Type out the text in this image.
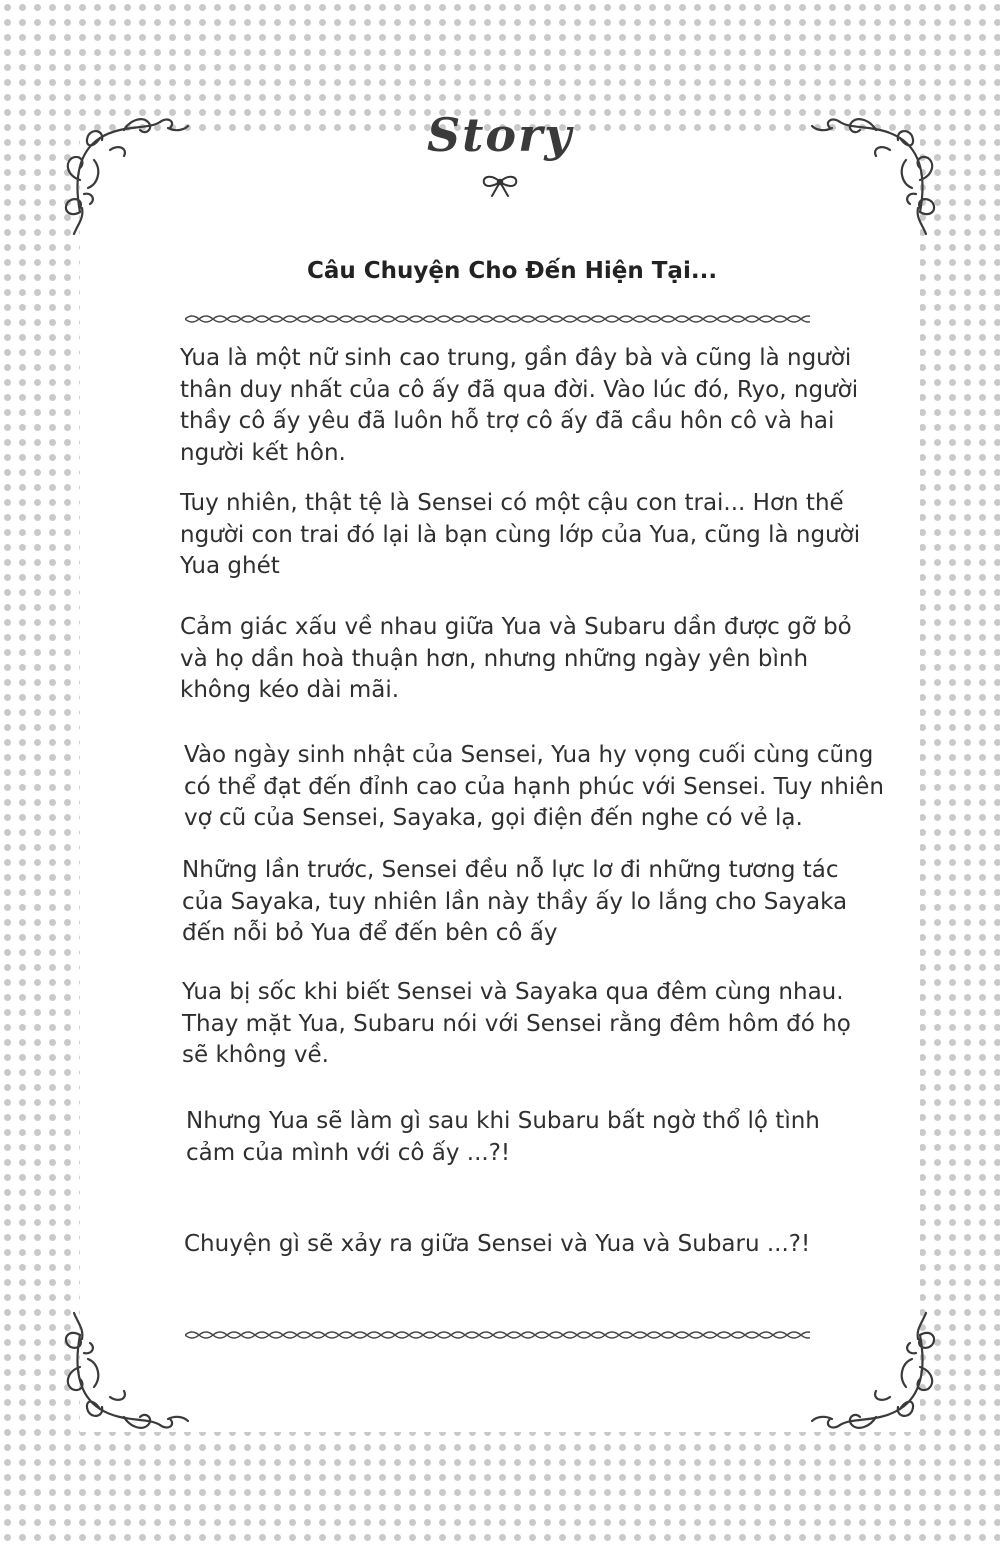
Story
Câu Chuyện Cho Đến Hiện Tại...

Yua là một nữ sinh cao trung, gần đây bà và cũng là người
thân duy nhất của cô ấy đã qua đời. Vào lúc đó, Ryo, người
thầy cô ấy yêu đã luôn hỗ trợ cô ấy đã cầu hôn cô và hai
người kết hôn.

Tuy nhiên, thật tệ là Sensei có một cậu con trai... Hơn thế
người con trai đó lại là bạn cùng lớp của Yua, cũng là người
Yua ghét

Cảm giác xấu về nhau giữa Yua và Subaru dần được gỡ bỏ
và họ dần hoà thuận hơn, nhưng những ngày yên bình
không kéo dài mãi.

Vào ngày sinh nhật của Sensei, Yua hy vọng cuối cùng cũng
có thể đạt đến đỉnh cao của hạnh phúc với Sensei. Tuy nhiên
vợ cũ của Sensei, Sayaka, gọi điện đến nghe có vẻ lạ.

Những lần trước, Sensei đều nỗ lực lơ đi những tương tác
của Sayaka, tuy nhiên lần này thầy ấy lo lắng cho Sayaka
đến nỗi bỏ Yua để đến bên cô ấy

Yua bị sốc khi biết Sensei và Sayaka qua đêm cùng nhau.
Thay mặt Yua, Subaru nói với Sensei rằng đêm hôm đó họ
sẽ không về.

Nhưng Yua sẽ làm gì sau khi Subaru bất ngờ thổ lộ tình
cảm của mình với cô ấy ...?!

Chuyện gì sẽ xảy ra giữa Sensei và Yua và Subaru ...?!
